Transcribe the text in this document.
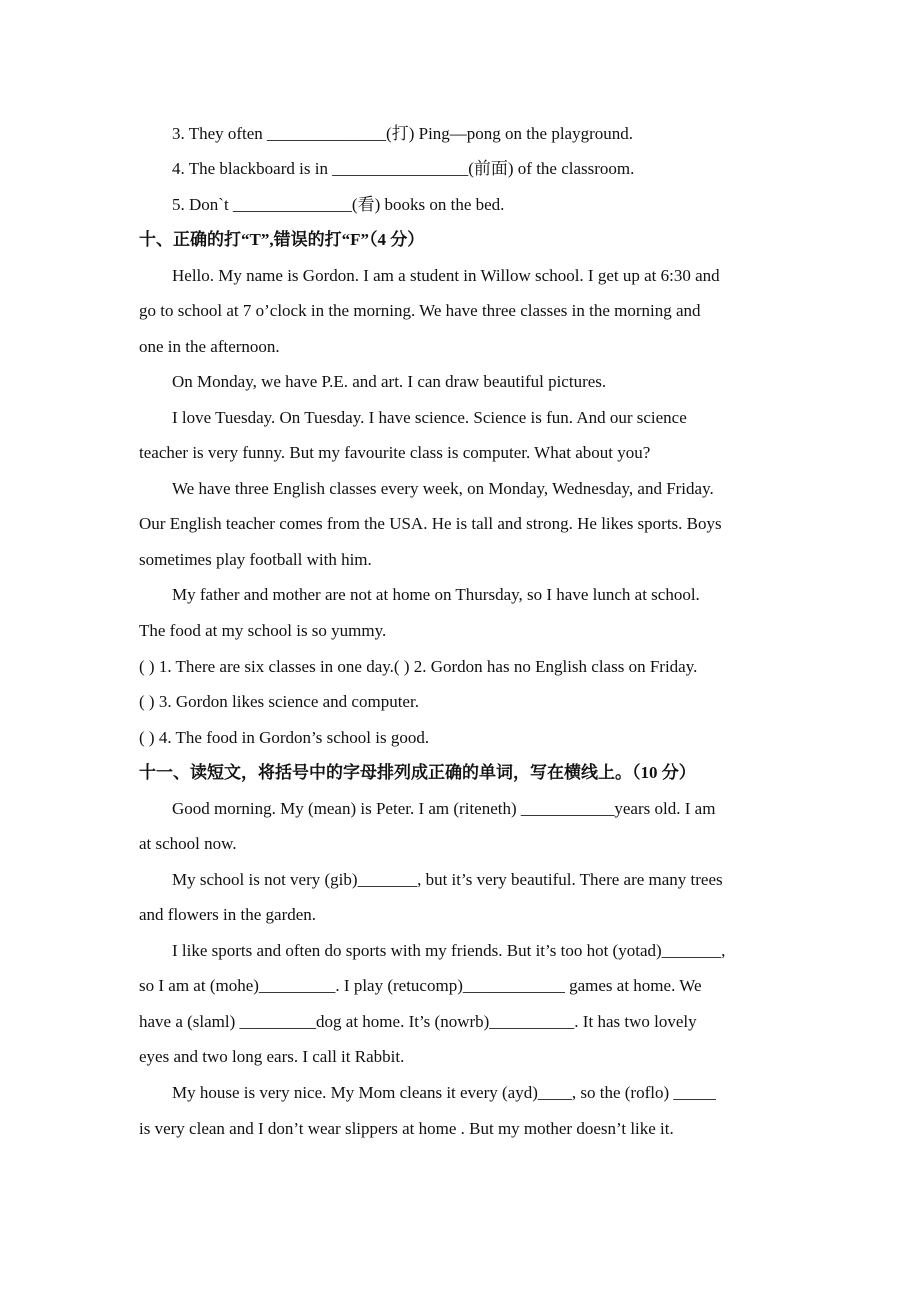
3. They often ______________(打) Ping—pong on the playground.
4. The blackboard is in ________________(前面) of the classroom.
5. Don`t ______________(看) books on the bed.
十、正确的打“T”,错误的打“F”（4 分）
Hello. My name is Gordon. I am a student in Willow school. I get up at 6:30 and
go to school at 7 o’clock in the morning. We have three classes in the morning and
one in the afternoon.
On Monday, we have P.E. and art. I can draw beautiful pictures.
I love Tuesday. On Tuesday. I have science. Science is fun. And our science
teacher is very funny. But my favourite class is computer. What about you?
We have three English classes every week, on Monday, Wednesday, and Friday.
Our English teacher comes from the USA. He is tall and strong. He likes sports. Boys
sometimes play football with him.
My father and mother are not at home on Thursday, so I have lunch at school.
The food at my school is so yummy.
( ) 1. There are six classes in one day.( ) 2. Gordon has no English class on Friday.
( ) 3. Gordon likes science and computer.
( ) 4. The food in Gordon’s school is good.
十一、读短文，将括号中的字母排列成正确的单词，写在横线上。（10 分）
Good morning. My (mean) is Peter. I am (riteneth) ___________years old. I am
at school now.
My school is not very (gib)_______, but it’s very beautiful. There are many trees
and flowers in the garden.
I like sports and often do sports with my friends. But it’s too hot (yotad)_______,
so I am at (mohe)_________. I play (retucomp)____________ games at home. We
have a (slaml) _________dog at home. It’s (nowrb)__________. It has two lovely
eyes and two long ears. I call it Rabbit.
My house is very nice. My Mom cleans it every (ayd)____, so the (roflo) _____
is very clean and I don’t wear slippers at home . But my mother doesn’t like it.
